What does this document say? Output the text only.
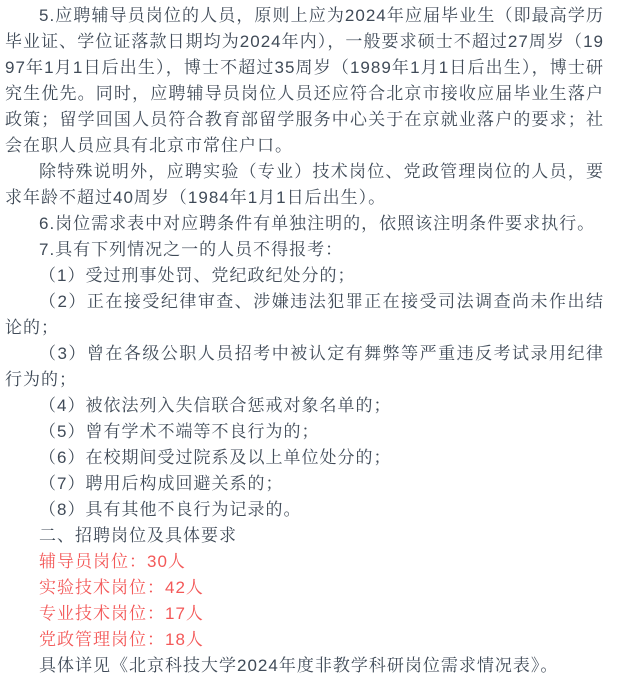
5.应聘辅导员岗位的人员，原则上应为2024年应届毕业生（即最高学历毕业证、学位证落款日期均为2024年内），一般要求硕士不超过27周岁（1997年1月1日后出生），博士不超过35周岁（1989年1月1日后出生），博士研究生优先。同时，应聘辅导员岗位人员还应符合北京市接收应届毕业生落户政策；留学回国人员符合教育部留学服务中心关于在京就业落户的要求；社会在职人员应具有北京市常住户口。

除特殊说明外，应聘实验（专业）技术岗位、党政管理岗位的人员，要求年龄不超过40周岁（1984年1月1日后出生）。

6.岗位需求表中对应聘条件有单独注明的，依照该注明条件要求执行。

7.具有下列情况之一的人员不得报考：

（1）受过刑事处罚、党纪政纪处分的；

（2）正在接受纪律审查、涉嫌违法犯罪正在接受司法调查尚未作出结论的；

（3）曾在各级公职人员招考中被认定有舞弊等严重违反考试录用纪律行为的；

（4）被依法列入失信联合惩戒对象名单的；

（5）曾有学术不端等不良行为的；

（6）在校期间受过院系及以上单位处分的；

（7）聘用后构成回避关系的；

（8）具有其他不良行为记录的。

二、招聘岗位及具体要求

辅导员岗位：30人

实验技术岗位：42人

专业技术岗位：17人

党政管理岗位：18人

具体详见《北京科技大学2024年度非教学科研岗位需求情况表》。
